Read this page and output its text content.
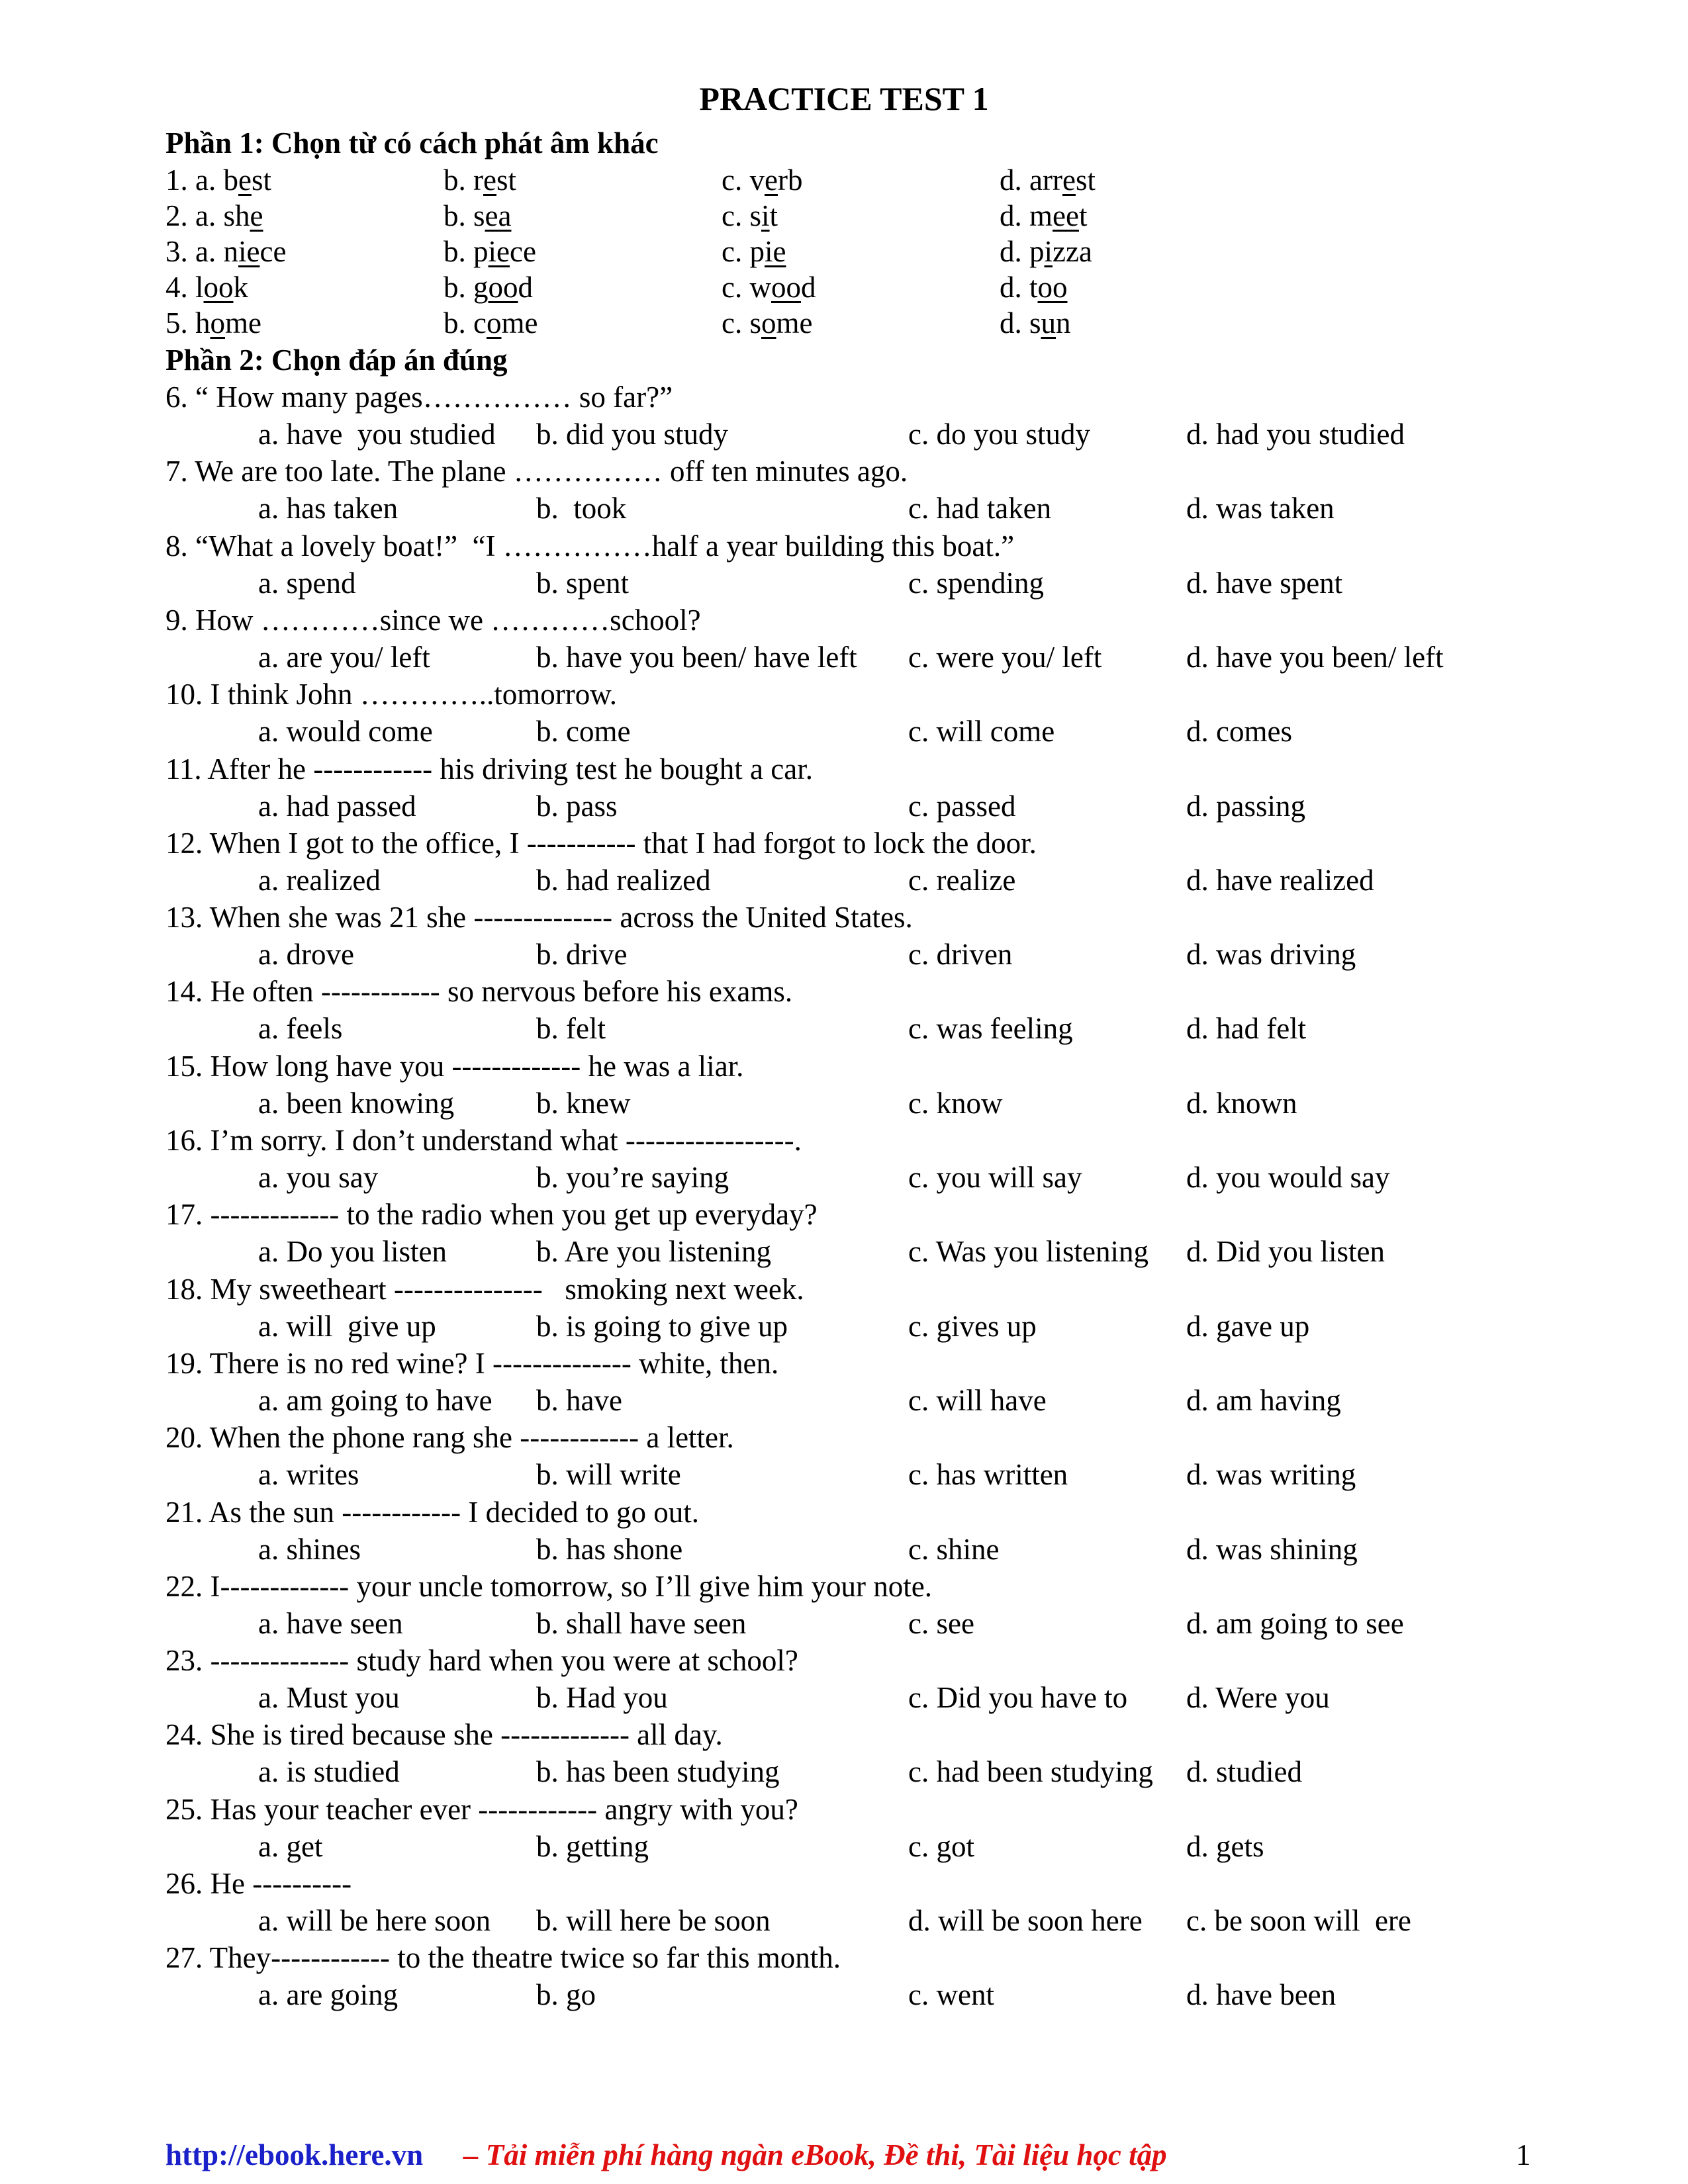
PRACTICE TEST 1
Phần 1: Chọn từ có cách phát âm khác
1. a. best	b. rest	c. verb	d. arrest
2. a. she	b. sea	c. sit	d. meet
3. a. niece	b. piece	c. pie	d. pizza
4. look	b. good	c. wood	d. too
5. home	b. come	c. some	d. sun
Phần 2: Chọn đáp án đúng
6. “ How many pages…………… so far?”
a. have  you studied b. did you study	c. do you study	d. had you studied
7. We are too late. The plane …………… off ten minutes ago.
a. has taken	b.  took	c. had taken	d. was taken
8. “What a lovely boat!”  “I ……………half a year building this boat.”
a. spend	b. spent	c. spending	d. have spent
9. How …………since we …………school?
a. are you/ left	b. have you been/ have left c. were you/ left	d. have you been/ left
10. I think John …………..tomorrow.
a. would come	b. come	c. will come	d. comes
11. After he ------------ his driving test he bought a car.
a. had passed	b. pass	c. passed	d. passing
12. When I got to the office, I ----------- that I had forgot to lock the door.
a. realized	b. had realized	c. realize	d. have realized
13. When she was 21 she -------------- across the United States.
a. drove	b. drive	c. driven	d. was driving
14. He often ------------ so nervous before his exams.
a. feels	b. felt	c. was feeling	d. had felt
15. How long have you ------------- he was a liar.
a. been knowing	b. knew	c. know	d. known
16. I’m sorry. I don’t understand what -----------------.
a. you say	b. you’re saying	c. you will say	d. you would say
17. ------------- to the radio when you get up everyday?
a. Do you listen	b. Are you listening	c. Was you listening d. Did you listen
18. My sweetheart ---------------   smoking next week.
a. will  give up	b. is going to give up	c. gives up	d. gave up
19. There is no red wine? I -------------- white, then.
a. am going to have b. have	c. will have	d. am having
20. When the phone rang she ------------ a letter.
a. writes	b. will write	c. has written	d. was writing
21. As the sun ------------ I decided to go out.
a. shines	b. has shone	c. shine	d. was shining
22. I------------- your uncle tomorrow, so I’ll give him your note.
a. have seen	b. shall have seen	c. see	d. am going to see
23. -------------- study hard when you were at school?
a. Must you	b. Had you	c. Did you have to d. Were you
24. She is tired because she ------------- all day.
a. is studied	b. has been studying	c. had been studying d. studied
25. Has your teacher ever ------------ angry with you?
a. get	b. getting	c. got	d. gets
26. He ----------
a. will be here soon b. will here be soon	d. will be soon here c. be soon will  ere
27. They------------ to the theatre twice so far this month.
a. are going	b. go	c. went	d. have been
http://ebook.here.vn – Tải miễn phí hàng ngàn eBook, Đề thi, Tài liệu học tập	1
